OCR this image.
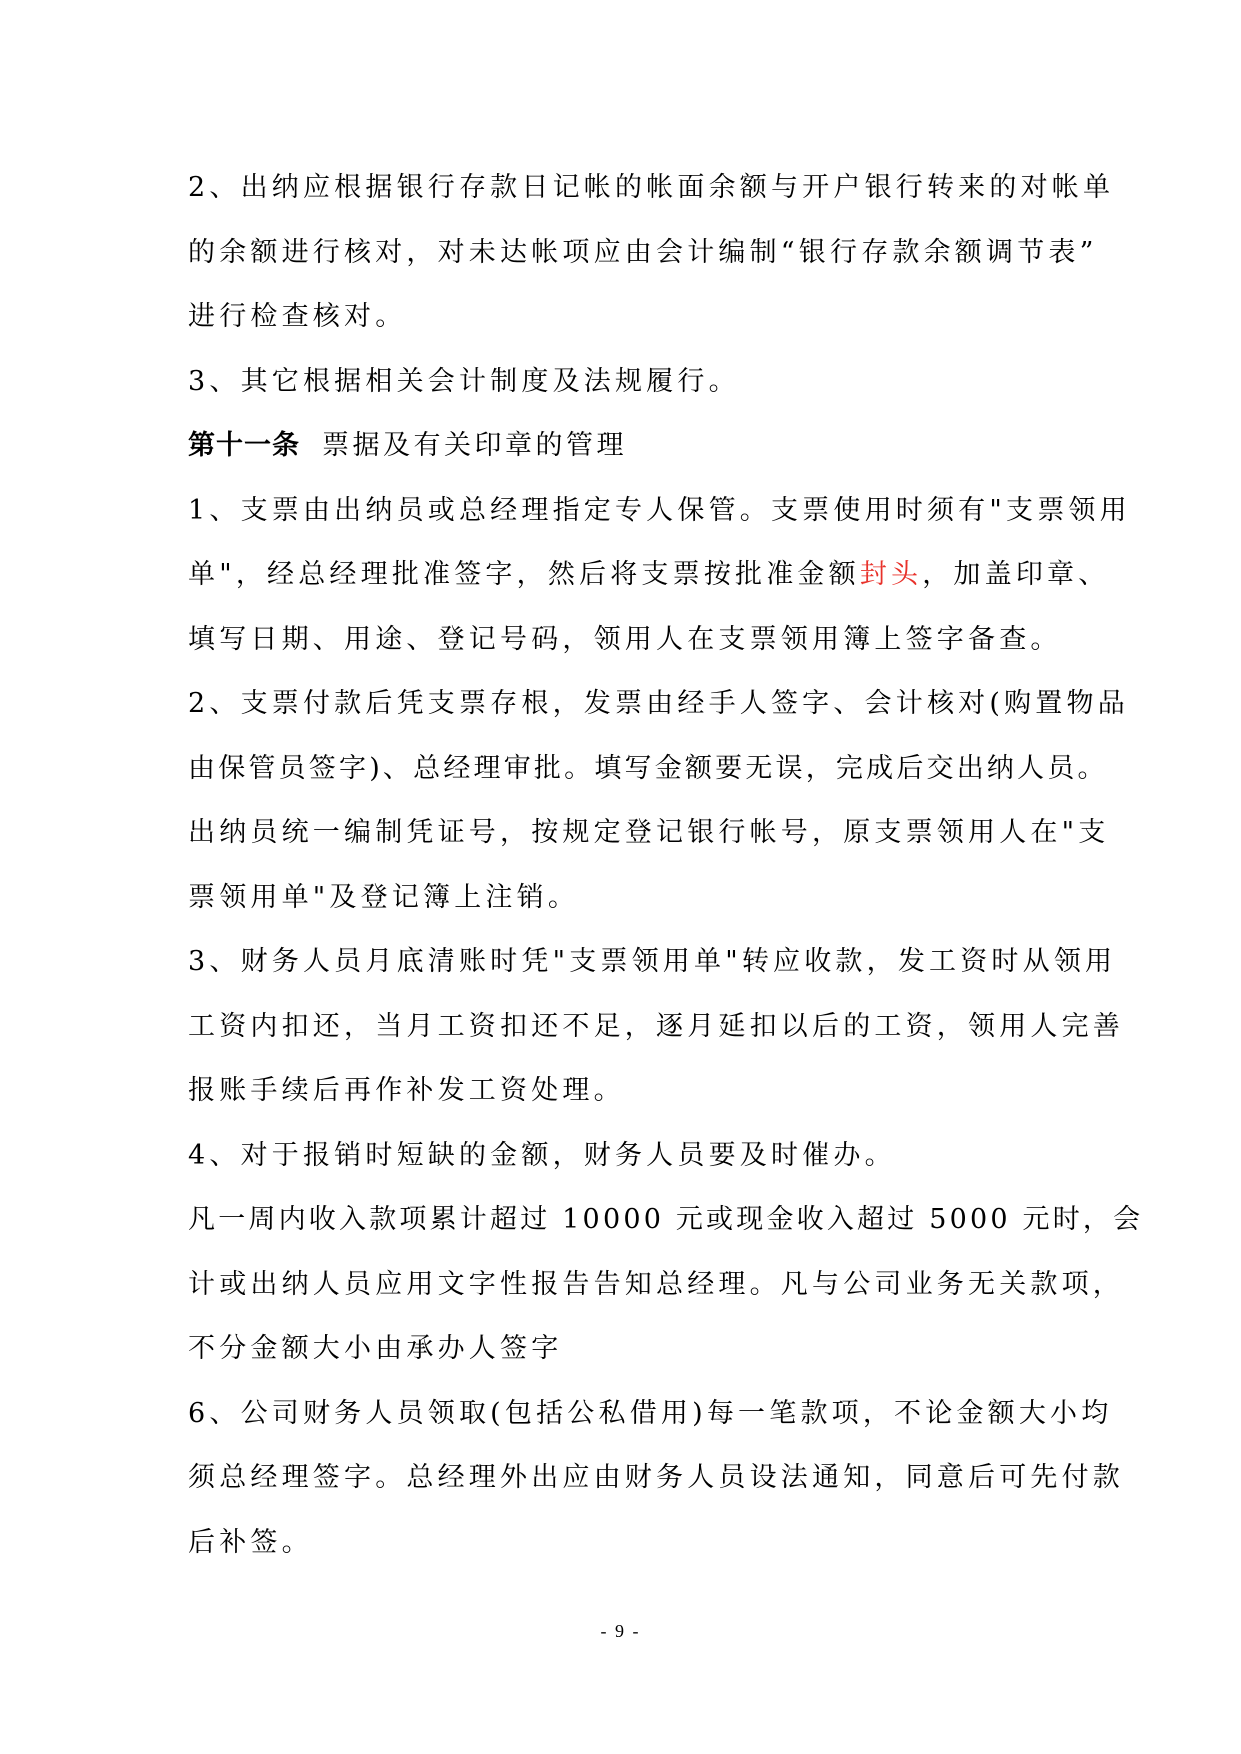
2、出纳应根据银行存款日记帐的帐面余额与开户银行转来的对帐单
的余额进行核对，对未达帐项应由会计编制“银行存款余额调节表”
进行检查核对。
3、其它根据相关会计制度及法规履行。
第十一条 票据及有关印章的管理
1、支票由出纳员或总经理指定专人保管。支票使用时须有"支票领用
单"，经总经理批准签字，然后将支票按批准金额封头，加盖印章、
填写日期、用途、登记号码，领用人在支票领用簿上签字备查。
2、支票付款后凭支票存根，发票由经手人签字、会计核对(购置物品
由保管员签字)、总经理审批。填写金额要无误，完成后交出纳人员。
出纳员统一编制凭证号，按规定登记银行帐号，原支票领用人在"支
票领用单"及登记簿上注销。
3、财务人员月底清账时凭"支票领用单"转应收款，发工资时从领用
工资内扣还，当月工资扣还不足，逐月延扣以后的工资，领用人完善
报账手续后再作补发工资处理。
4、对于报销时短缺的金额，财务人员要及时催办。
凡一周内收入款项累计超过 10000 元或现金收入超过 5000 元时，会
计或出纳人员应用文字性报告告知总经理。凡与公司业务无关款项，
不分金额大小由承办人签字
6、公司财务人员领取(包括公私借用)每一笔款项，不论金额大小均
须总经理签字。总经理外出应由财务人员设法通知，同意后可先付款
后补签。
- 9 -
